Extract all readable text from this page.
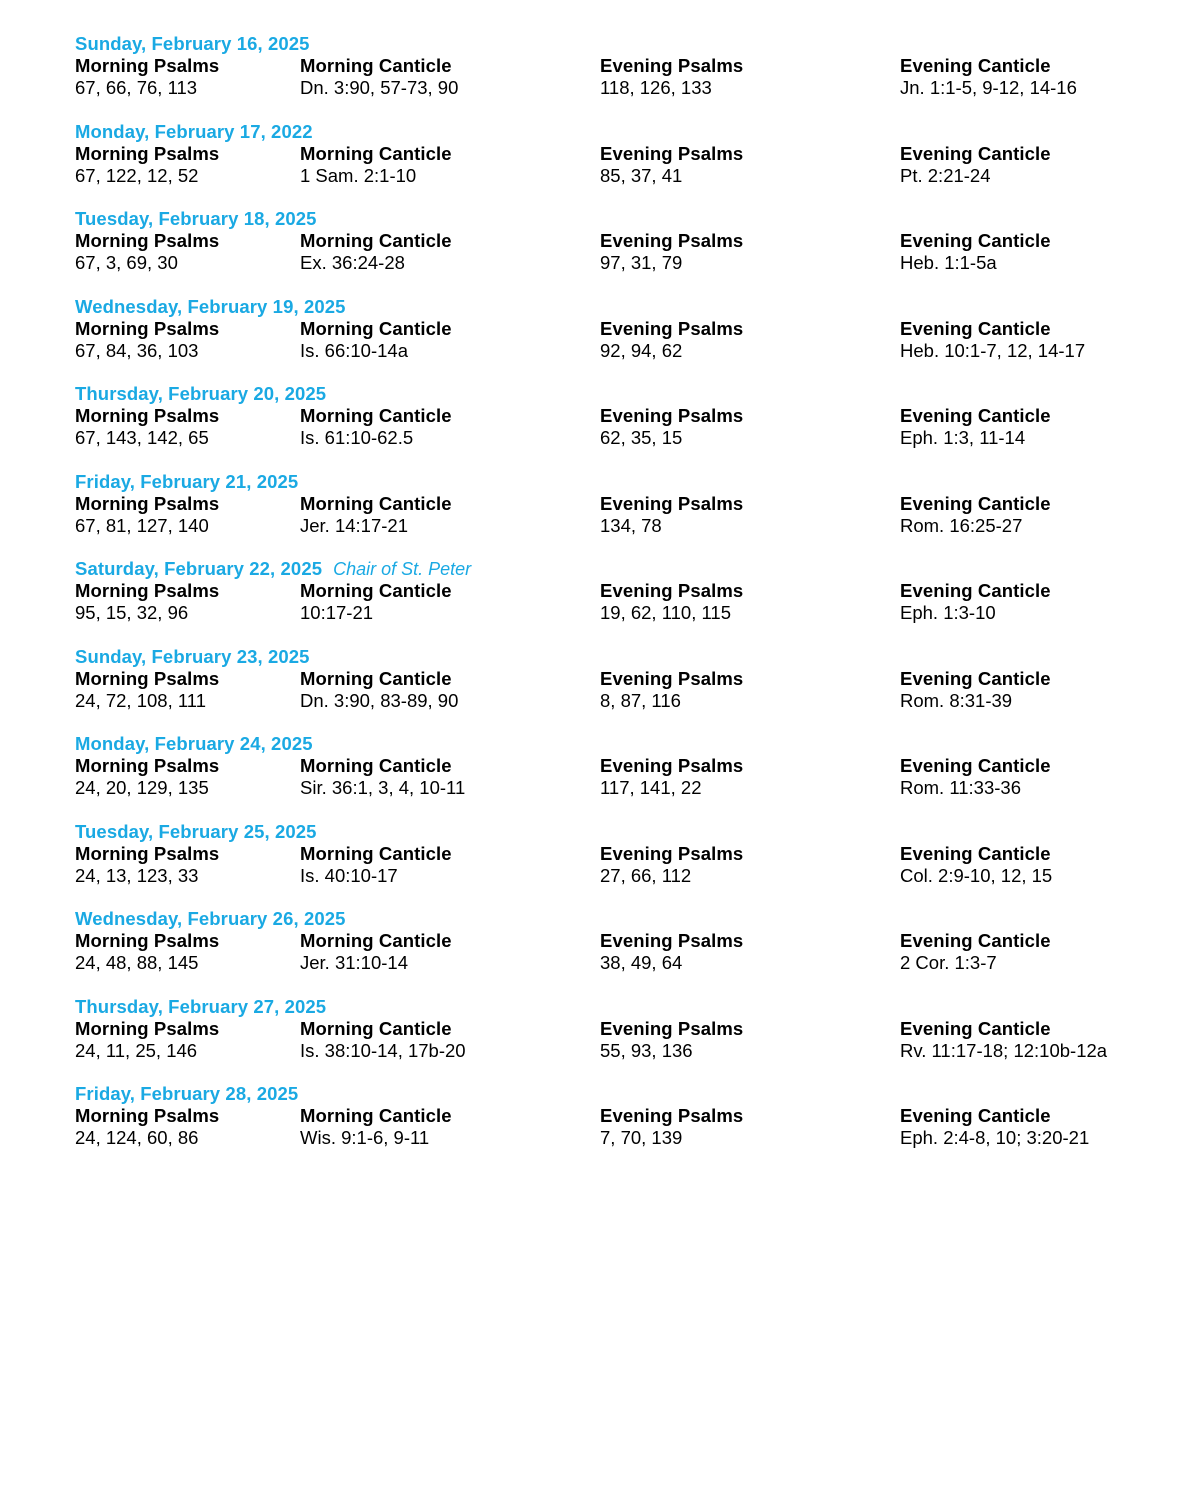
Sunday, February 16, 2025
Morning Psalms	Morning Canticle	Evening Psalms	Evening Canticle
67, 66, 76, 113	Dn. 3:90, 57-73, 90	118, 126, 133	Jn. 1:1-5, 9-12, 14-16
Monday, February 17, 2022
Morning Psalms	Morning Canticle	Evening Psalms	Evening Canticle
67, 122, 12, 52	1 Sam. 2:1-10	85, 37, 41	Pt. 2:21-24
Tuesday, February 18, 2025
Morning Psalms	Morning Canticle	Evening Psalms	Evening Canticle
67, 3, 69, 30	Ex. 36:24-28	97, 31, 79	Heb. 1:1-5a
Wednesday, February 19, 2025
Morning Psalms	Morning Canticle	Evening Psalms	Evening Canticle
67, 84, 36, 103	Is. 66:10-14a	92, 94, 62	Heb. 10:1-7, 12, 14-17
Thursday, February 20, 2025
Morning Psalms	Morning Canticle	Evening Psalms	Evening Canticle
67, 143, 142, 65	Is. 61:10-62.5	62, 35, 15	Eph. 1:3, 11-14
Friday, February 21, 2025
Morning Psalms	Morning Canticle	Evening Psalms	Evening Canticle
67, 81, 127, 140	Jer. 14:17-21	134, 78	Rom. 16:25-27
Saturday, February 22, 2025 Chair of St. Peter
Morning Psalms	Morning Canticle	Evening Psalms	Evening Canticle
95, 15, 32, 96	10:17-21	19, 62, 110, 115	Eph. 1:3-10
Sunday, February 23, 2025
Morning Psalms	Morning Canticle	Evening Psalms	Evening Canticle
24, 72, 108, 111	Dn. 3:90, 83-89, 90	8, 87, 116	Rom. 8:31-39
Monday, February 24, 2025
Morning Psalms	Morning Canticle	Evening Psalms	Evening Canticle
24, 20, 129, 135	Sir. 36:1, 3, 4, 10-11	117, 141, 22	Rom. 11:33-36
Tuesday, February 25, 2025
Morning Psalms	Morning Canticle	Evening Psalms	Evening Canticle
24, 13, 123, 33	Is. 40:10-17	27, 66, 112	Col. 2:9-10, 12, 15
Wednesday, February 26, 2025
Morning Psalms	Morning Canticle	Evening Psalms	Evening Canticle
24, 48, 88, 145	Jer. 31:10-14	38, 49, 64	2 Cor. 1:3-7
Thursday, February 27, 2025
Morning Psalms	Morning Canticle	Evening Psalms	Evening Canticle
24, 11, 25, 146	Is. 38:10-14, 17b-20	55, 93, 136	Rv. 11:17-18; 12:10b-12a
Friday, February 28, 2025
Morning Psalms	Morning Canticle	Evening Psalms	Evening Canticle
24, 124, 60, 86	Wis. 9:1-6, 9-11	7, 70, 139	Eph. 2:4-8, 10; 3:20-21
